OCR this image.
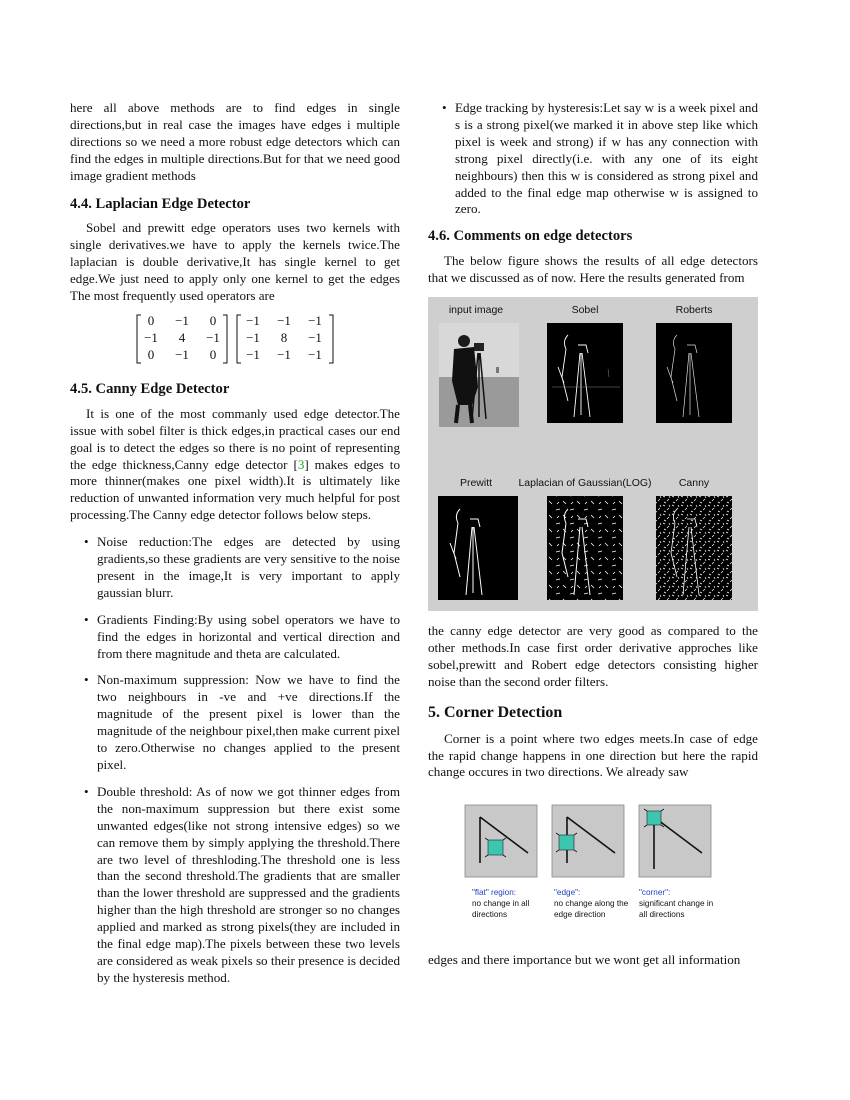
here all above methods are to find edges in single directions,but in real case the images have edges i multiple directions so we need a more robust edge detectors which can find the edges in multiple directions.But for that we need good image gradient methods

4.4. Laplacian Edge Detector

Sobel and prewitt edge operators uses two kernels with single derivatives.we have to apply the kernels twice.The laplacian is double derivative,It has single kernel to get edge.We just need to apply only one kernel to get the edges The most frequently used operators are

0 −1 0
−1 4 −1
0 −1 0
−1 −1 −1
−1 8 −1
−1 −1 −1
4.5. Canny Edge Detector

It is one of the most commanly used edge detector.The issue with sobel filter is thick edges,in practical cases our end goal is to detect the edges so there is no point of representing the edge thickness,Canny edge detector [3] makes edges to more thinner(makes one pixel width).It is ultimately like reduction of unwanted information very much helpful for post processing.The Canny edge detector follows below steps.

• Noise reduction:The edges are detected by using gradients,so these gradients are very sensitive to the noise present in the image,It is very important to apply gaussian blurr.
• Gradients Finding:By using sobel operators we have to find the edges in horizontal and vertical direction and from there magnitude and theta are calculated.
• Non-maximum suppression: Now we have to find the two neighbours in -ve and +ve directions.If the magnitude of the present pixel is lower than the magnitude of the neighbour pixel,then make current pixel to zero.Otherwise no changes applied to the present pixel.
• Double threshold: As of now we got thinner edges from the non-maximum suppression but there exist some unwanted edges(like not strong intensive edges) so we can remove them by simply applying the threshold.There are two level of threshloding.The threshold one is less than the second threshold.The gradients that are smaller than the lower threshold are suppressed and the gradients higher than the high threshold are stronger so no changes applied and marked as strong pixels(they are included in the final edge map).The pixels between these two levels are considered as weak pixels so their presence is decided by the hysteresis method.
• Edge tracking by hysteresis:Let say w is a week pixel and s is a strong pixel(we marked it in above step like which pixel is week and strong) if w has any connection with strong pixel directly(i.e. with any one of its eight neighbours) then this w is considered as strong pixel and added to the final edge map otherwise w is assigned to zero.
4.6. Comments on edge detectors

The below figure shows the results of all edge detectors that we discussed as of now. Here the results generated from

input image	Sobel	Roberts
Prewitt	Laplacian of Gaussian(LOG)	Canny

the canny edge detector are very good as compared to the other methods.In case first order derivative approches like sobel,prewitt and Robert edge detectors consisting higher noise than the second order filters.

5. Corner Detection

Corner is a point where two edges meets.In case of edge the rapid change happens in one direction but here the rapid change occures in two directions. We already saw

"flat" region:
no change in all
directions
"edge":
no change along the
edge direction
"corner":
significant change in
all directions

edges and there importance but we wont get all information
